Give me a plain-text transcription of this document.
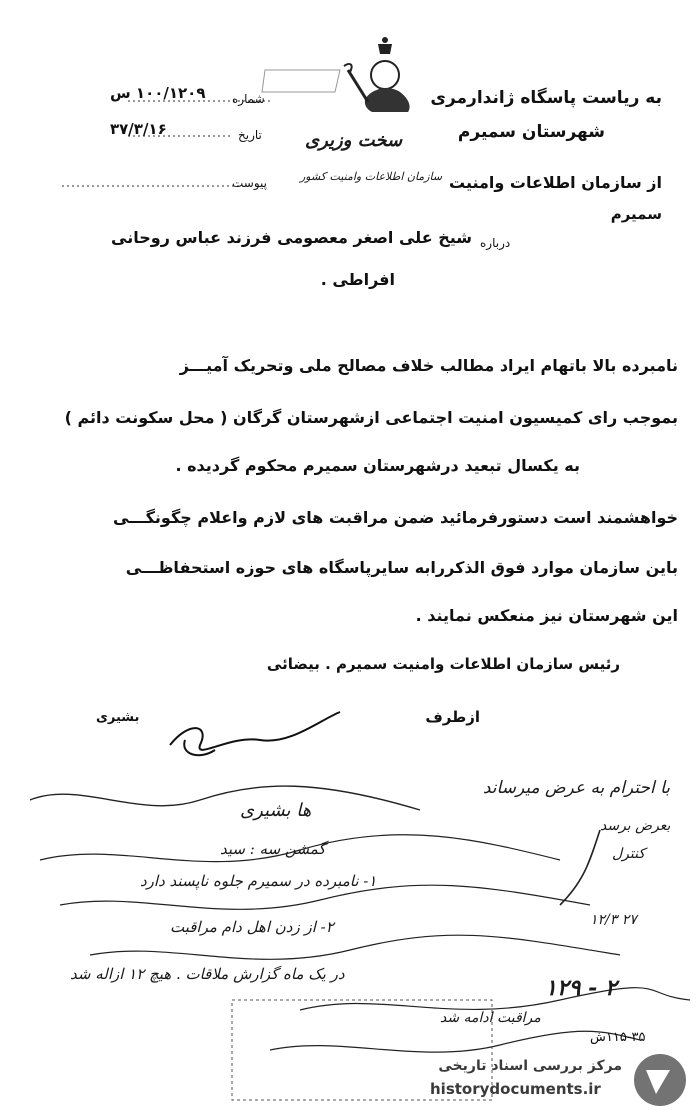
به ریاست پاسگاه ژاندارمری
شهرستان سمیرم
شماره
۱۰۰/۱۲۰۹ س
تاریخ
۳۷/۳/۱۶
پیوست
سخت وزیری
سازمان اطلاعات وامنیت کشور	از سازمان اطلاعات وامنیت
سمیرم
درباره
شیخ علی اصغر معصومی فرزند عباس روحانی
افراطی .
نامبرده بالا باتهام ایراد مطالب خلاف مصالح ملی وتحریک آمیـــز
بموجب رای کمیسیون امنیت اجتماعی ازشهرستان گرگان ( محل سکونت دائم )
به یکسال تبعید درشهرستان سمیرم محکوم گردیده .
خواهشمند است دستورفرمائید ضمن مراقبت های لازم واعلام چگونگـــی
باین سازمان موارد فوق الذکررابه سایرپاسگاه های حوزه استحفاظـــی
این شهرستان نیز منعکس نمایند .
رئیس سازمان اطلاعات وامنیت سمیرم . بیضائی
ازطرف
بشیری
با احترام به عرض میرساند
ها بشیری
گمشن سه : سید
۱- نامبرده در سمیرم جلوه ناپسند دارد
۲- از زدن اهل دام مراقبت
در یک ماه گزارش ملاقات . هیچ ۱۲ ازاله شد
مراقبت ادامه شد
بعرض برسد
کنترل
۱۲/۳ ۲۷
۱۲۹ - ۲
۱۱۵-۳۵ش
مرکز بررسی اسناد تاریخی
historydocuments.ir
